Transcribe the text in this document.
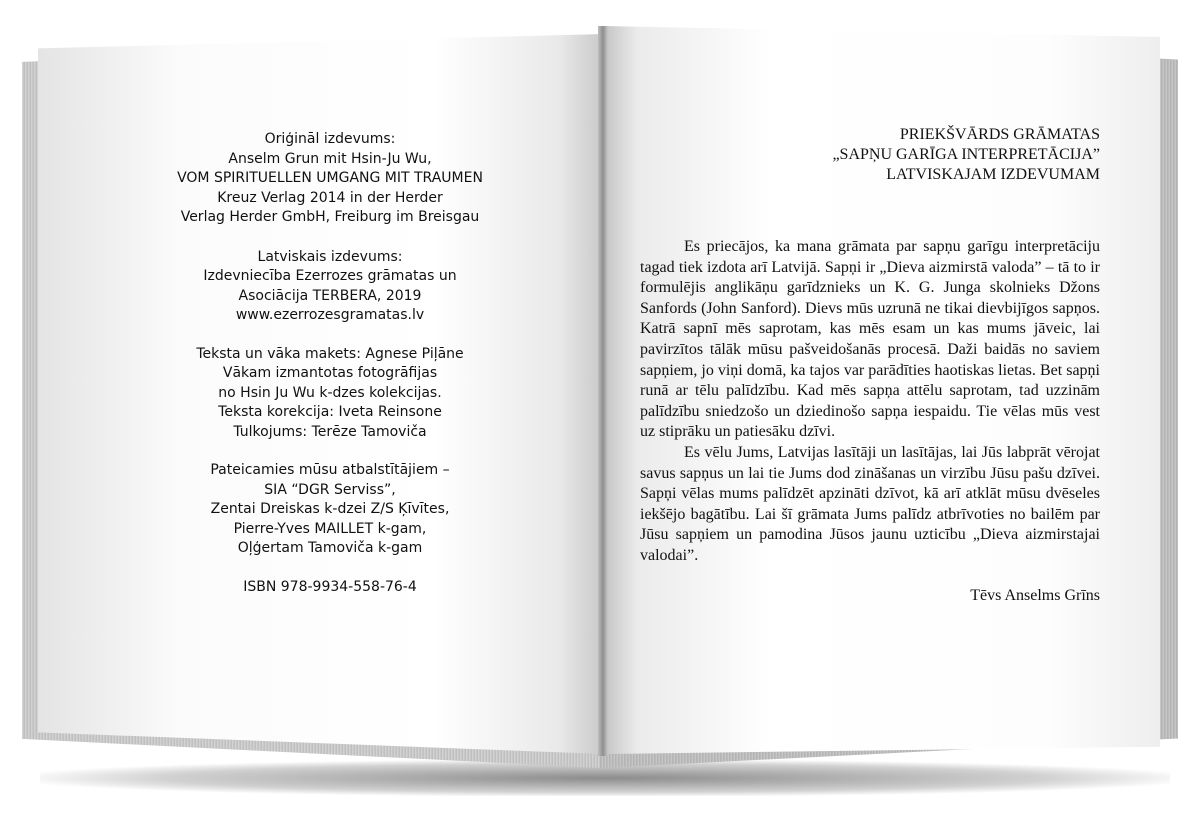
Oriģināl izdevums:
Anselm Grun mit Hsin-Ju Wu,
VOM SPIRITUELLEN UMGANG MIT TRAUMEN
Kreuz Verlag 2014 in der Herder
Verlag Herder GmbH, Freiburg im Breisgau
Latviskais izdevums:
Izdevniecība Ezerrozes grāmatas un
Asociācija TERBERA, 2019
www.ezerrozesgramatas.lv
Teksta un vāka makets: Agnese Piļāne
Vākam izmantotas fotogrāfijas
no Hsin Ju Wu k-dzes kolekcijas.
Teksta korekcija: Iveta Reinsone
Tulkojums: Terēze Tamoviča
Pateicamies mūsu atbalstītājiem –
SIA “DGR Serviss”,
Zentai Dreiskas k-dzei Z/S Ķīvītes,
Pierre-Yves MAILLET k-gam,
Oļģertam Tamoviča k-gam
ISBN 978-9934-558-76-4
PRIEKŠVĀRDS GRĀMATAS
„SAPŅU GARĪGA INTERPRETĀCIJA”
LATVISKAJAM IZDEVUMAM

Es priecājos, ka mana grāmata par sapņu garīgu interpretāciju tagad tiek izdota arī Latvijā. Sapņi ir „Dieva aizmirstā valoda” – tā to ir formulējis anglikāņu garīdznieks un K. G. Junga skolnieks Džons Sanfords (John Sanford). Dievs mūs uzrunā ne tikai dievbijīgos sapņos. Katrā sapnī mēs saprotam, kas mēs esam un kas mums jāveic, lai pavirzītos tālāk mūsu pašveidošanās procesā. Daži baidās no saviem sapņiem, jo viņi domā, ka tajos var parādīties haotiskas lietas. Bet sapņi runā ar tēlu palīdzību. Kad mēs sapņa attēlu saprotam, tad uzzinām palīdzību sniedzošo un dziedinošo sapņa iespaidu. Tie vēlas mūs vest uz stiprāku un patiesāku dzīvi.

Es vēlu Jums, Latvijas lasītāji un lasītājas, lai Jūs labprāt vērojat savus sapņus un lai tie Jums dod zināšanas un virzību Jūsu pašu dzīvei. Sapņi vēlas mums palīdzēt apzināti dzīvot, kā arī atklāt mūsu dvēseles iekšējo bagātību. Lai šī grāmata Jums palīdz atbrīvoties no bailēm par Jūsu sapņiem un pamodina Jūsos jaunu uzticību „Dieva aizmirstajai valodai”.

Tēvs Anselms Grīns
